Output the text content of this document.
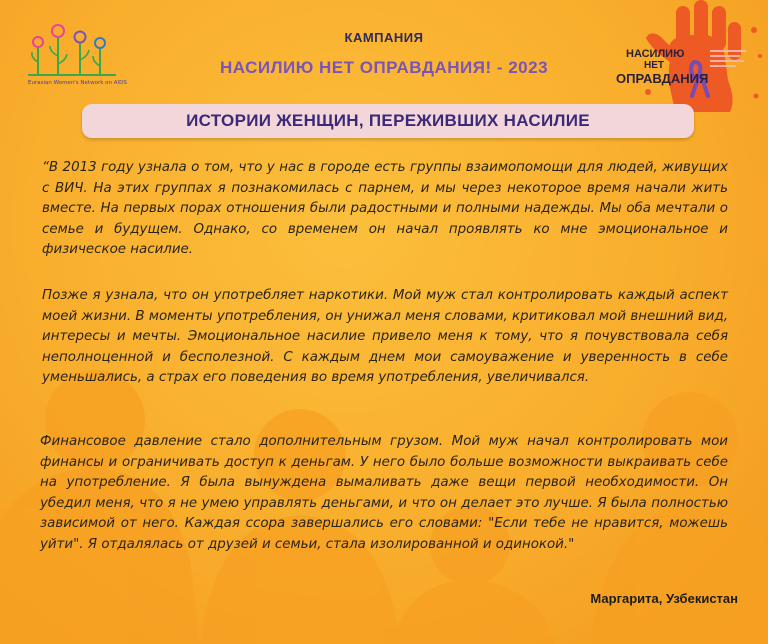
Eurasian Women's Network on AIDS
КАМПАНИЯ
НАСИЛИЮ НЕТ ОПРАВДАНИЯ! - 2023
НАСИЛИЮ
НЕТ
ОПРАВДАНИЯ
ИСТОРИИ ЖЕНЩИН, ПЕРЕЖИВШИХ НАСИЛИЕ

“В 2013 году узнала о том, что у нас в городе есть группы взаимопомощи для людей, живущих с ВИЧ. На этих группах я познакомилась с парнем, и мы через некоторое время начали жить вместе. На первых порах отношения были радостными и полными надежды. Мы оба мечтали о семье и будущем. Однако, со временем он начал проявлять ко мне эмоциональное и физическое насилие.

Позже я узнала, что он употребляет наркотики. Мой муж стал контролировать каждый аспект моей жизни. В моменты употребления, он унижал меня словами, критиковал мой внешний вид, интересы и мечты. Эмоциональное насилие привело меня к тому, что я почувствовала себя неполноценной и бесполезной. С каждым днем мои самоуважение и уверенность в себе уменьшались, а страх его поведения во время употребления, увеличивался.

Финансовое давление стало дополнительным грузом. Мой муж начал контролировать мои финансы и ограничивать доступ к деньгам. У него было больше возможности выкраивать себе на употребление. Я была вынуждена вымаливать даже вещи первой необходимости. Он убедил меня, что я не умею управлять деньгами, и что он делает это лучше. Я была полностью зависимой от него. Каждая ссора завершались его словами: "Если тебе не нравится, можешь уйти". Я отдалялась от друзей и семьи, стала изолированной и одинокой."

Маргарита, Узбекистан
